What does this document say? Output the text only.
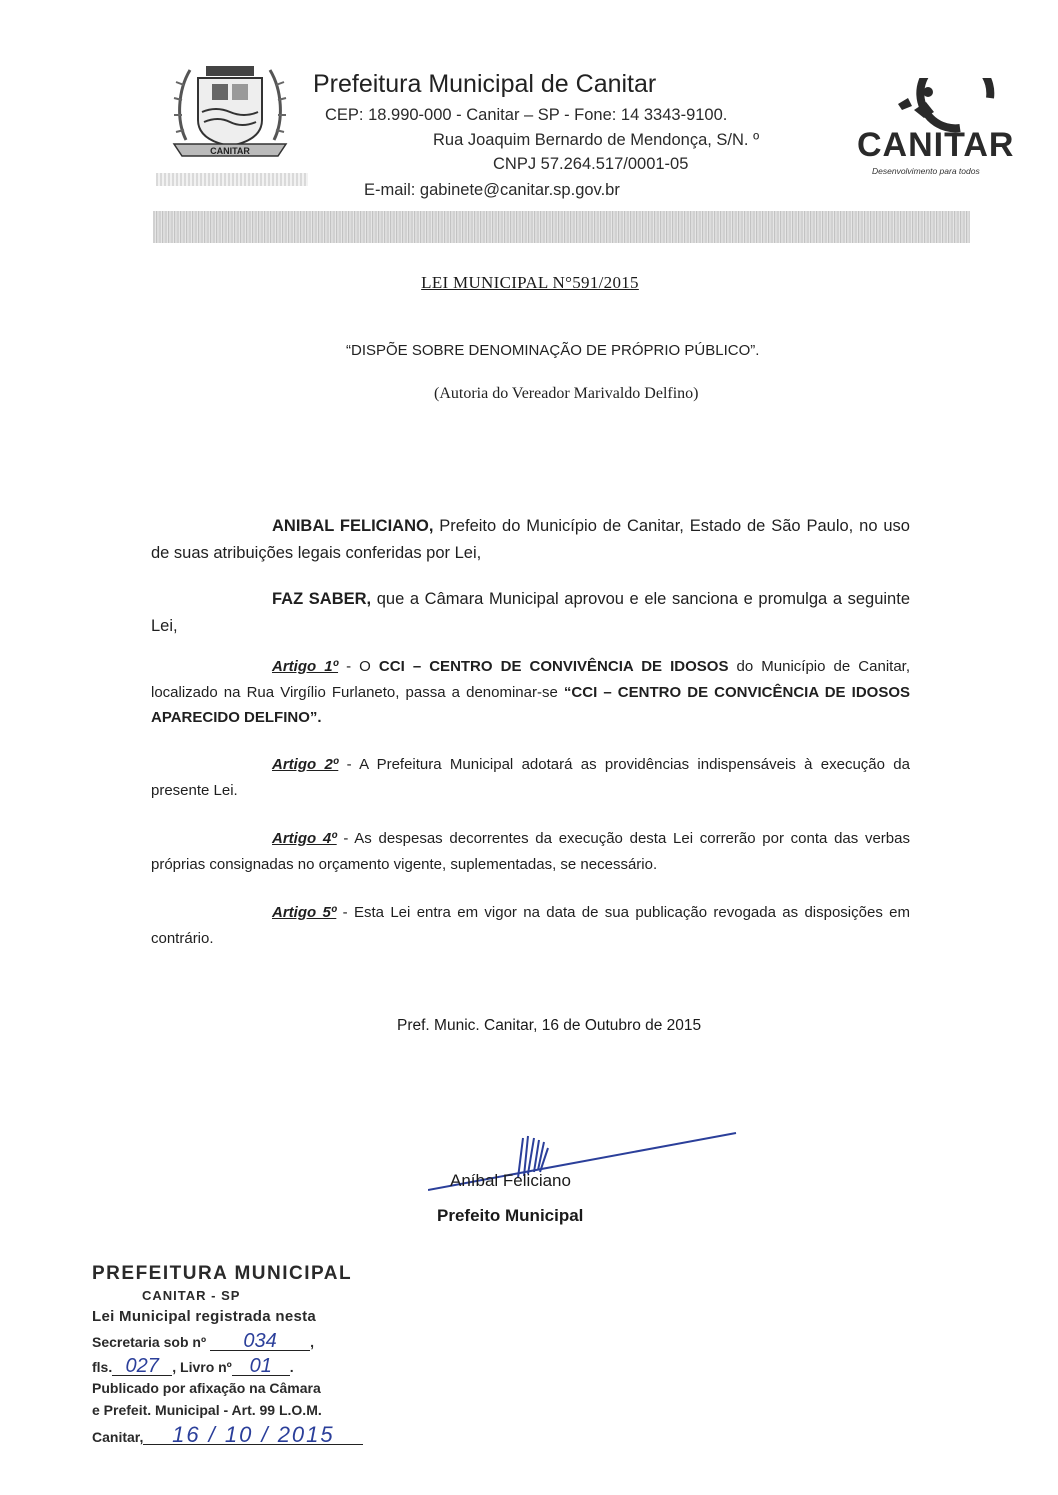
CANITAR
Prefeitura Municipal de Canitar
CEP: 18.990-000 - Canitar – SP - Fone: 14 3343-9100.
Rua Joaquim Bernardo de Mendonça, S/N. º
CNPJ 57.264.517/0001-05
E-mail: gabinete@canitar.sp.gov.br
CANITAR
Desenvolvimento para todos
LEI MUNICIPAL N°591/2015
“DISPÕE SOBRE DENOMINAÇÃO DE PRÓPRIO PÚBLICO”.
(Autoria do Vereador Marivaldo Delfino)
ANIBAL FELICIANO, Prefeito do Município de Canitar, Estado de São Paulo, no uso de suas atribuições legais conferidas por Lei,
FAZ SABER, que a Câmara Municipal aprovou e ele sanciona e promulga a seguinte Lei,
Artigo 1º - O CCI – CENTRO DE CONVIVÊNCIA DE IDOSOS do Município de Canitar, localizado na Rua Virgílio Furlaneto, passa a denominar-se “CCI – CENTRO DE CONVICÊNCIA DE IDOSOS APARECIDO DELFINO”.
Artigo 2º - A Prefeitura Municipal adotará as providências indispensáveis à execução da presente Lei.
Artigo 4º - As despesas decorrentes da execução desta Lei correrão por conta das verbas próprias consignadas no orçamento vigente, suplementadas, se necessário.
Artigo 5º - Esta Lei entra em vigor na data de sua publicação revogada as disposições em contrário.
Pref. Munic. Canitar, 16 de Outubro de 2015
Aníbal Feliciano
Prefeito Municipal
PREFEITURA MUNICIPAL
CANITAR - SP
Lei Municipal registrada nesta
Secretaria sob nº 034 ,
fls. 027 , Livro nº 01 .
Publicado por afixação na Câmara
e Prefeit. Municipal - Art. 99 L.O.M.
Canitar, 16 / 10 / 2015
